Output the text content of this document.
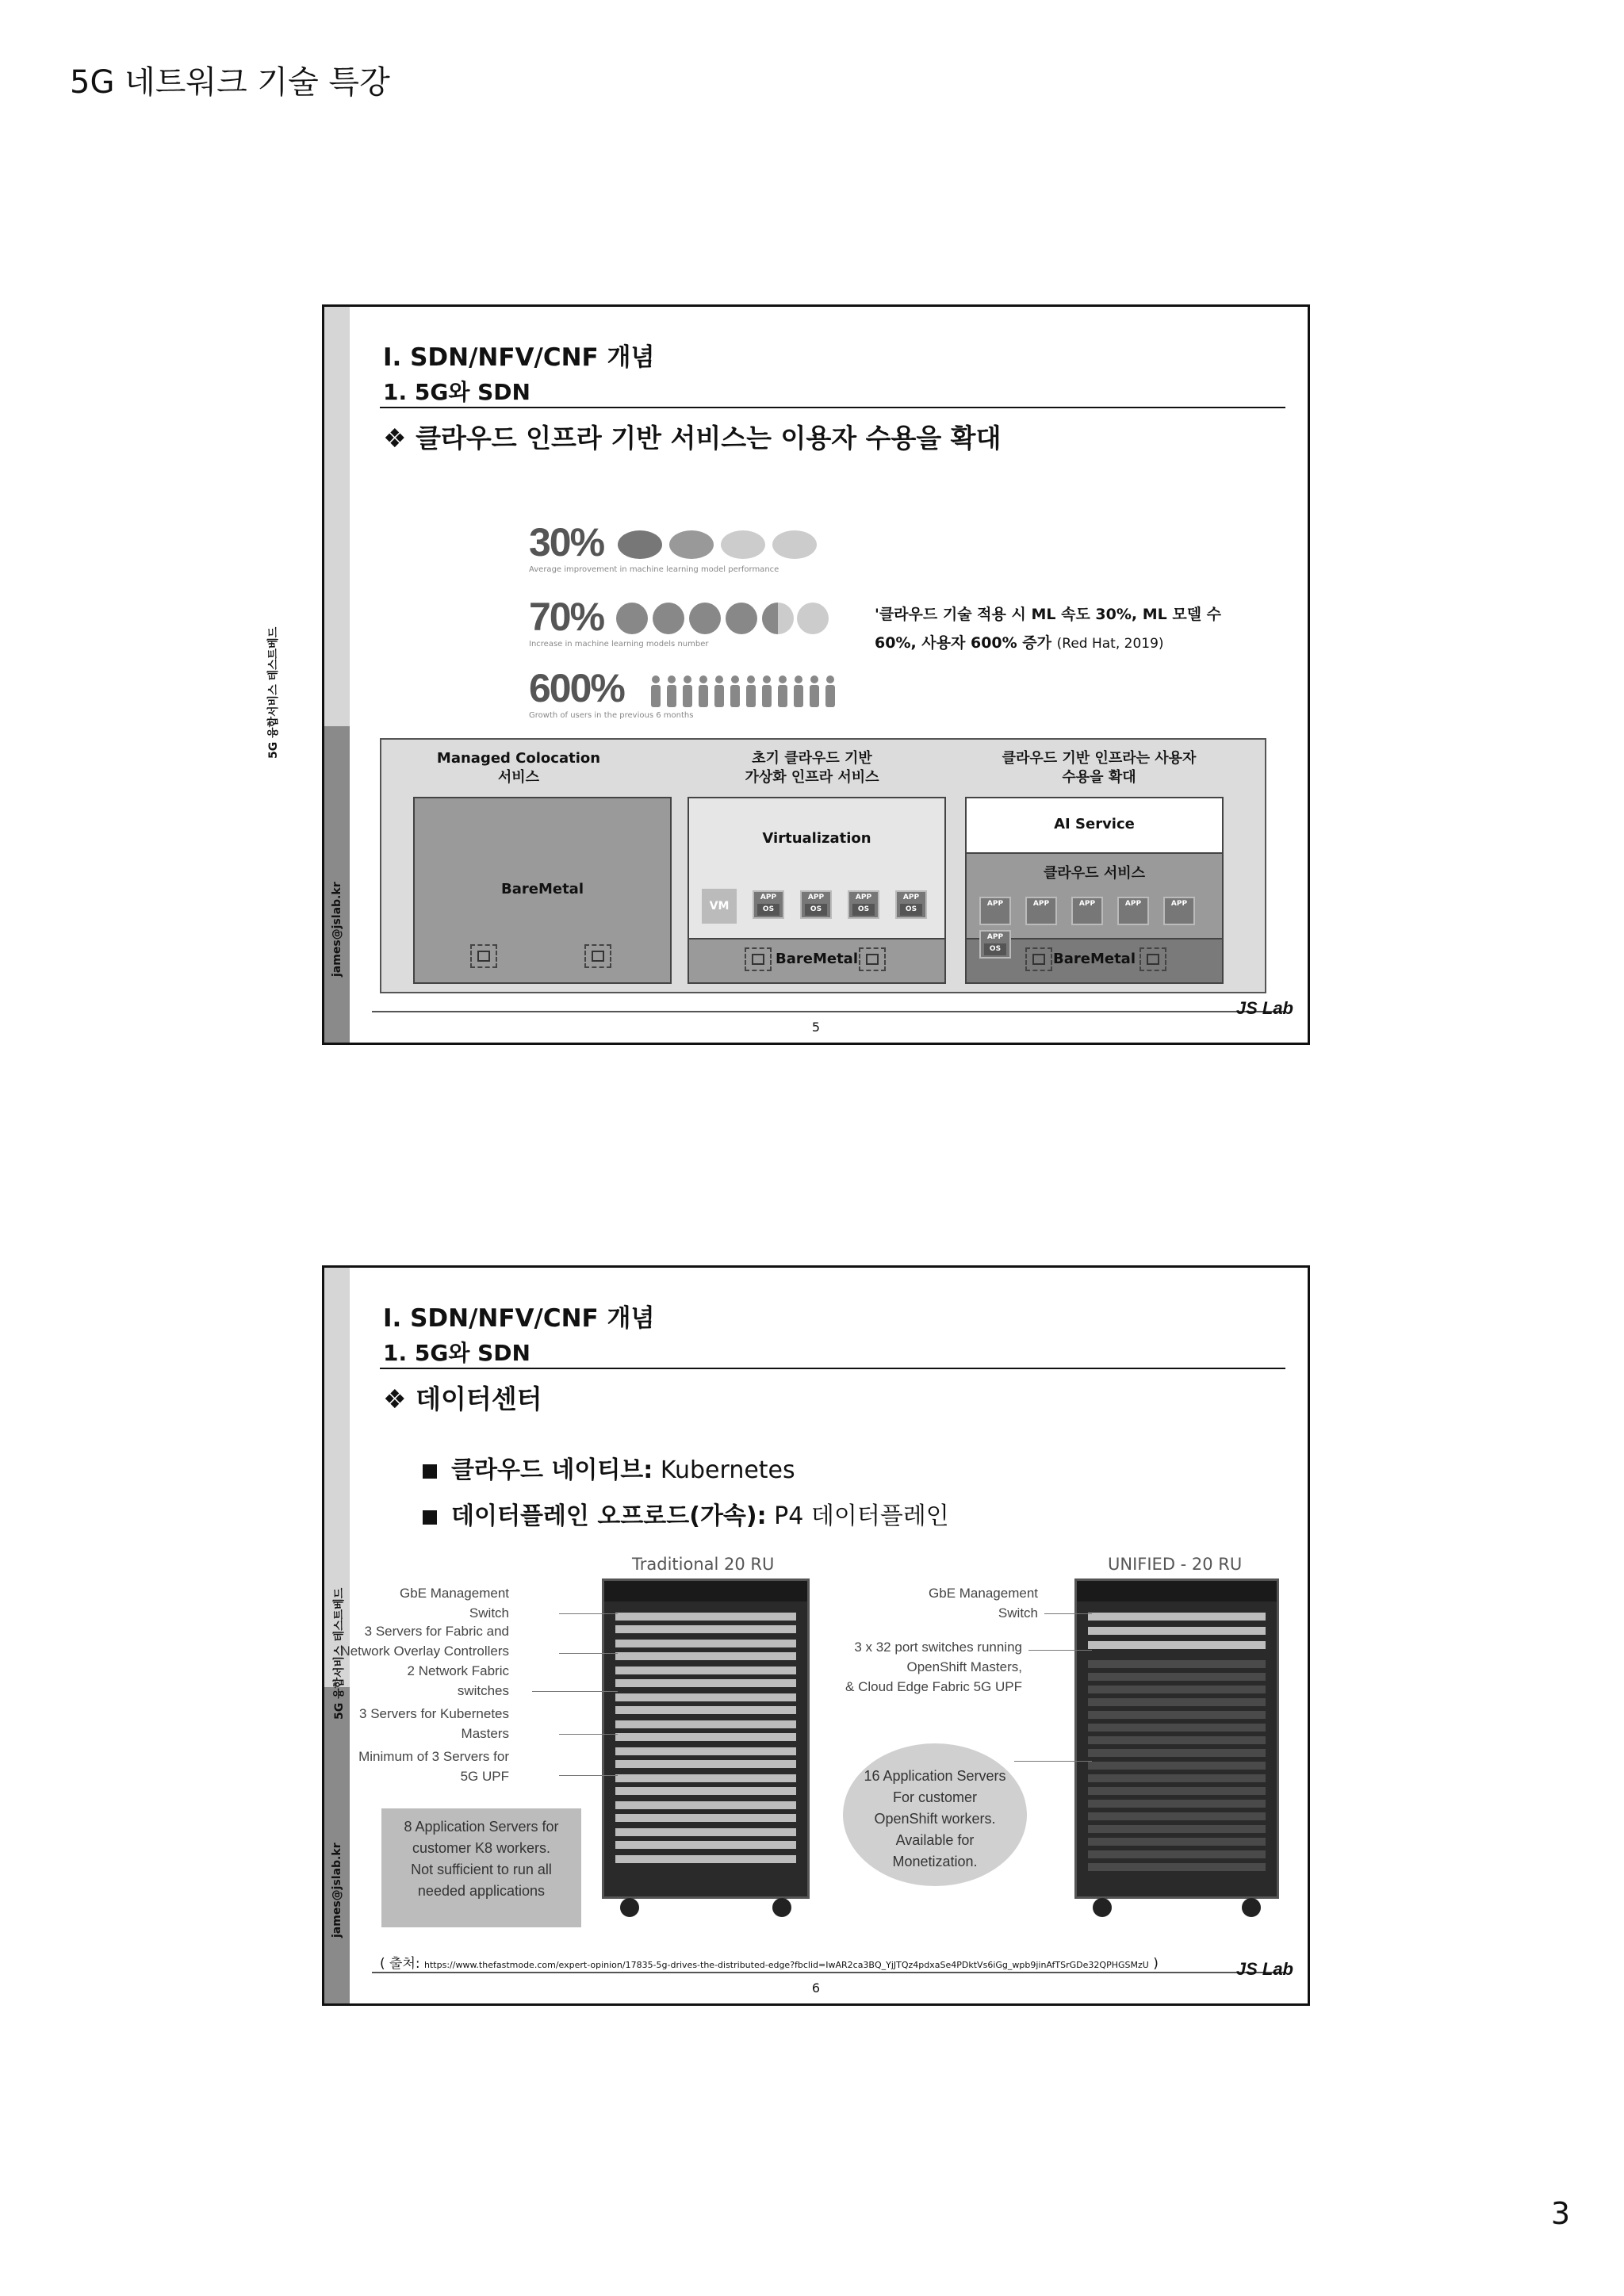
5G 네트워크 기술 특강
5G 융합서비스 테스트베드
james@jslab.kr
I. SDN/NFV/CNF 개념
1. 5G와 SDN
❖ 클라우드 인프라 기반 서비스는 이용자 수용을 확대
30%
Average improvement in machine learning model performance
70%
Increase in machine learning models number
600%
Growth of users in the previous 6 months
'클라우드 기술 적용 시 ML 속도 30%, ML 모델 수 60%, 사용자 600% 증가 (Red Hat, 2019)
Managed Colocation
서비스
초기 클라우드 기반
가상화 인프라 서비스
클라우드 기반 인프라는 사용자
수용을 확대
BareMetal
Virtualization
VM
APP
OS
APP
OS
APP
OS
APP
OS
BareMetal
AI Service
클라우드 서비스
APP	APP	APP	APP	APP
APP
OS
BareMetal
JS Lab
5
5G 융합서비스 테스트베드
james@jslab.kr
I. SDN/NFV/CNF 개념
1. 5G와 SDN
❖ 데이터센터
클라우드 네이티브: Kubernetes
데이터플레인 오프로드(가속): P4 데이터플레인
Traditional 20 RU
GbE Management
Switch
3 Servers for Fabric and
Network Overlay Controllers
2 Network Fabric
switches
3 Servers for Kubernetes
Masters
Minimum of 3 Servers for
5G UPF
8 Application Servers for
customer K8 workers.
Not sufficient to run all
needed applications
UNIFIED - 20 RU
GbE Management
Switch
3 x 32 port switches running
OpenShift Masters,
& Cloud Edge Fabric 5G UPF
16 Application Servers
For customer
OpenShift workers.
Available for
Monetization.
( 출처: https://www.thefastmode.com/expert-opinion/17835-5g-drives-the-distributed-edge?fbclid=IwAR2ca3BQ_YjJTQz4pdxaSe4PDktVs6iGg_wpb9jinAfTSrGDe32QPHGSMzU )	JS Lab
6
3
